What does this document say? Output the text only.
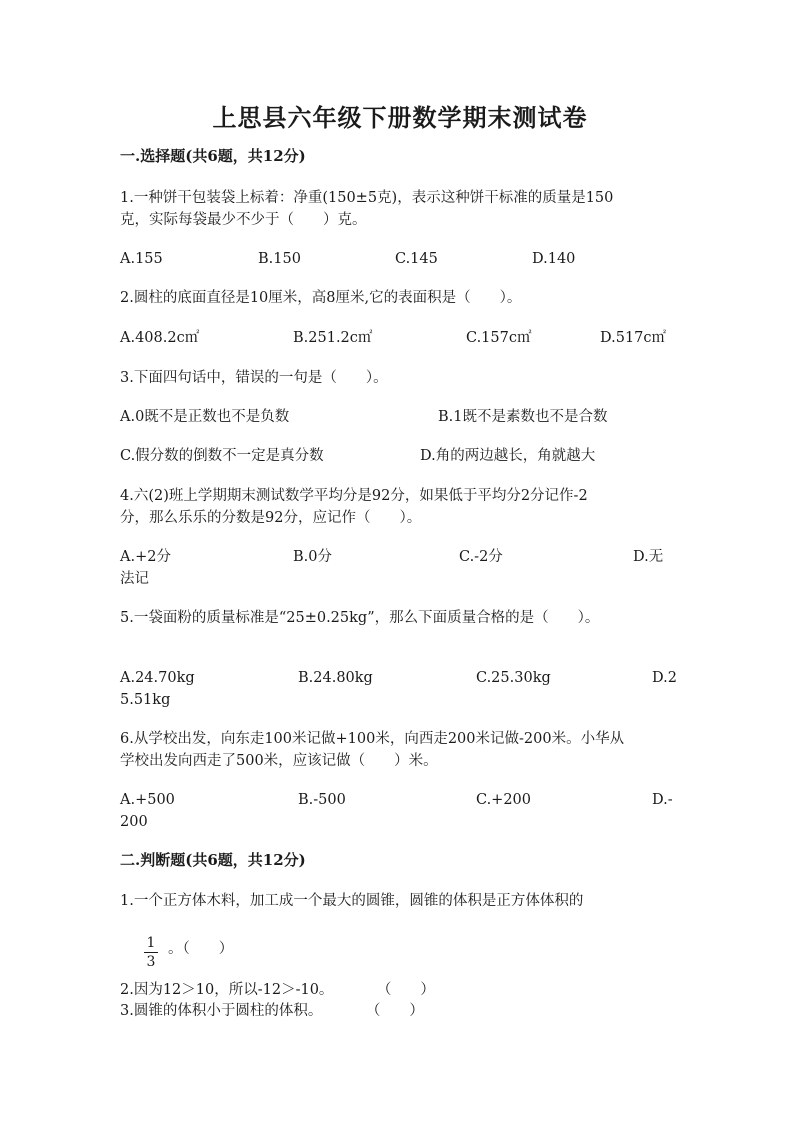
上思县六年级下册数学期末测试卷
一.选择题(共6题，共12分)
1.一种饼干包装袋上标着：净重(150±5克)，表示这种饼干标准的质量是150
克，实际每袋最少不少于（　　）克。
A.155	B.150	C.145	D.140
2.圆柱的底面直径是10厘米，高8厘米,它的表面积是（　　）。
A.408.2c㎡	B.251.2c㎡	C.157c㎡	D.517c㎡
3.下面四句话中，错误的一句是（　　）。
A.0既不是正数也不是负数	B.1既不是素数也不是合数
C.假分数的倒数不一定是真分数	D.角的两边越长，角就越大
4.六(2)班上学期期末测试数学平均分是92分，如果低于平均分2分记作-2
分，那么乐乐的分数是92分，应记作（　　）。
A.+2分	B.0分	C.-2分	D.无
法记
5.一袋面粉的质量标准是“25±0.25kg”，那么下面质量合格的是（　　）。
A.24.70kg	B.24.80kg	C.25.30kg	D.2
5.51kg
6.从学校出发，向东走100米记做+100米，向西走200米记做-200米。小华从
学校出发向西走了500米，应该记做（　　）米。
A.+500	B.-500	C.+200	D.-
200
二.判断题(共6题，共12分)
1.一个正方体木料，加工成一个最大的圆锥，圆锥的体积是正方体体积的
1
3
。（　　）
2.因为12＞10，所以-12＞-10。　　　　（　　）
3.圆锥的体积小于圆柱的体积。　　　　（　　）
